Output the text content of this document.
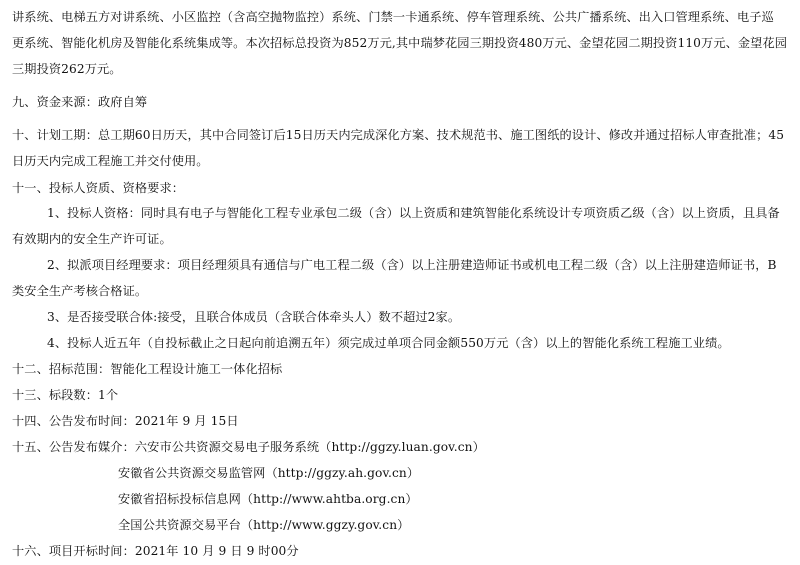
讲系统、电梯五方对讲系统、小区监控（含高空抛物监控）系统、门禁一卡通系统、停车管理系统、公共广播系统、出入口管理系统、电子巡
更系统、智能化机房及智能化系统集成等。本次招标总投资为852万元,其中瑞梦花园三期投资480万元、金望花园二期投资110万元、金望花园
三期投资262万元。
九、资金来源：政府自筹
十、计划工期：总工期60日历天，其中合同签订后15日历天内完成深化方案、技术规范书、施工图纸的设计、修改并通过招标人审查批准；45
日历天内完成工程施工并交付使用。
十一、投标人资质、资格要求：
1、投标人资格：同时具有电子与智能化工程专业承包二级（含）以上资质和建筑智能化系统设计专项资质乙级（含）以上资质，且具备
有效期内的安全生产许可证。
2、拟派项目经理要求：项目经理须具有通信与广电工程二级（含）以上注册建造师证书或机电工程二级（含）以上注册建造师证书，B
类安全生产考核合格证。
3、是否接受联合体:接受，且联合体成员（含联合体牵头人）数不超过2家。
4、投标人近五年（自投标截止之日起向前追溯五年）须完成过单项合同金额550万元（含）以上的智能化系统工程施工业绩。
十二、招标范围：智能化工程设计施工一体化招标
十三、标段数：1个
十四、公告发布时间：2021年 9 月 15日
十五、公告发布媒介：六安市公共资源交易电子服务系统（http://ggzy.luan.gov.cn）
安徽省公共资源交易监管网（http://ggzy.ah.gov.cn）
安徽省招标投标信息网（http://www.ahtba.org.cn）
全国公共资源交易平台（http://www.ggzy.gov.cn）
十六、项目开标时间：2021年 10 月 9 日 9 时00分
